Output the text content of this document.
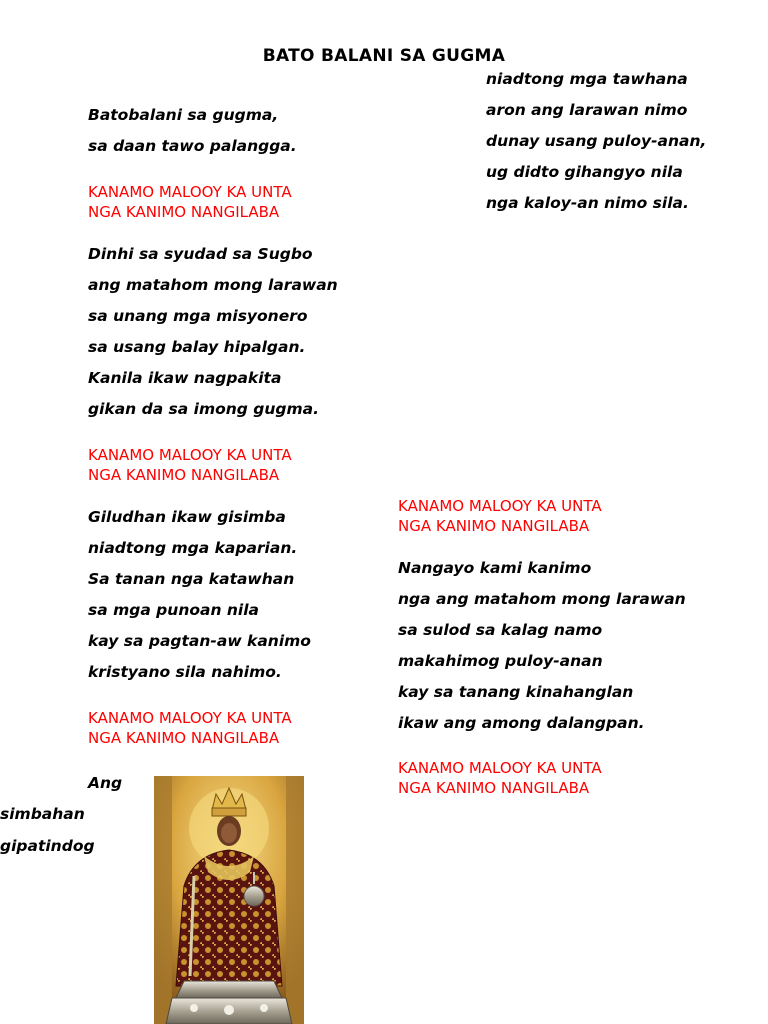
BATO BALANI SA GUGMA
Batobalani sa gugma,
sa daan tawo palangga.
KANAMO MALOOY KA UNTA
NGA KANIMO NANGILABA
Dinhi sa syudad sa Sugbo
ang matahom mong larawan
sa unang mga misyonero
sa usang balay hipalgan.
Kanila ikaw nagpakita
gikan da sa imong gugma.
KANAMO MALOOY KA UNTA
NGA KANIMO NANGILABA
Giludhan ikaw gisimba
niadtong mga kaparian.
Sa tanan nga katawhan
sa mga punoan nila
kay sa pagtan-aw kanimo
kristyano sila nahimo.
KANAMO MALOOY KA UNTA
NGA KANIMO NANGILABA
Ang
simbahan
gipatindog
niadtong mga tawhana
aron ang larawan nimo
dunay usang puloy-anan,
ug didto gihangyo nila
nga kaloy-an nimo sila.
KANAMO MALOOY KA UNTA
NGA KANIMO NANGILABA
Nangayo kami kanimo
nga ang matahom mong larawan
sa sulod sa kalag namo
makahimog puloy-anan
kay sa tanang kinahanglan
ikaw ang among dalangpan.
KANAMO MALOOY KA UNTA
NGA KANIMO NANGILABA
